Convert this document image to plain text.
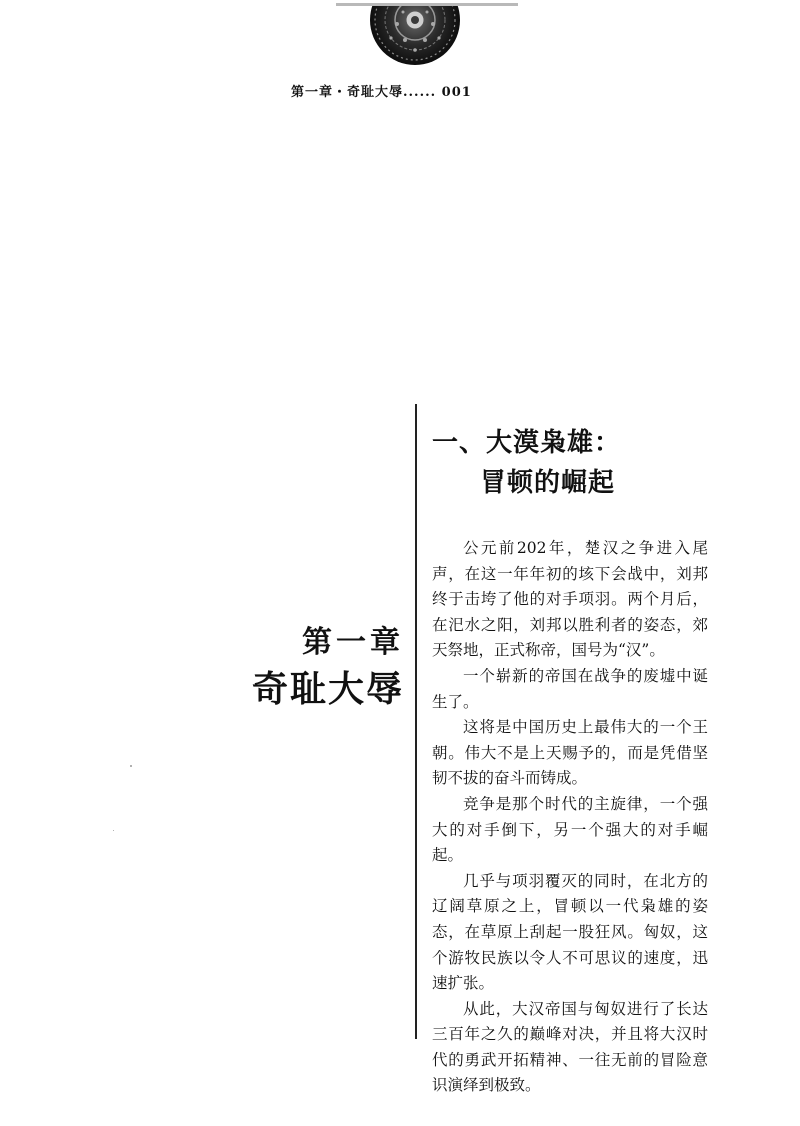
第一章・奇耻大辱...... 001
第一章
奇耻大辱
一、大漠枭雄：
冒顿的崛起

公元前202年，楚汉之争进入尾声，在这一年年初的垓下会战中，刘邦终于击垮了他的对手项羽。两个月后，在汜水之阳，刘邦以胜利者的姿态，郊天祭地，正式称帝，国号为“汉”。

一个崭新的帝国在战争的废墟中诞生了。

这将是中国历史上最伟大的一个王朝。伟大不是上天赐予的，而是凭借坚韧不拔的奋斗而铸成。

竞争是那个时代的主旋律，一个强大的对手倒下，另一个强大的对手崛起。

几乎与项羽覆灭的同时，在北方的辽阔草原之上，冒顿以一代枭雄的姿态，在草原上刮起一股狂风。匈奴，这个游牧民族以令人不可思议的速度，迅速扩张。

从此，大汉帝国与匈奴进行了长达三百年之久的巅峰对决，并且将大汉时代的勇武开拓精神、一往无前的冒险意识演绎到极致。
